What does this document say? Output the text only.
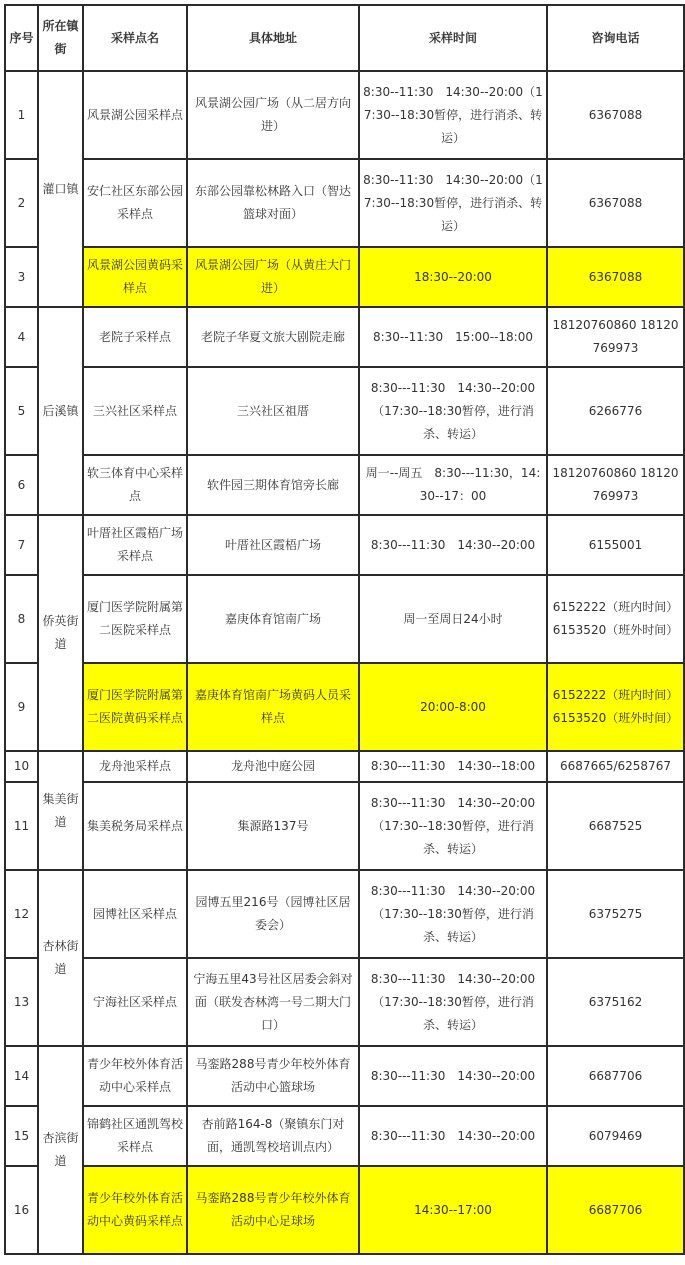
序号	所在镇街	采样点名	具体地址	采样时间	咨询电话
1	灌口镇	风景湖公园采样点	风景湖公园广场（从二居方向进）	8:30--11:30　14:30--20:00（17:30--18:30暂停，进行消杀、转运）	6367088
2		安仁社区东部公园采样点	东部公园靠松林路入口（智达篮球对面）	8:30--11:30　14:30--20:00（17:30--18:30暂停，进行消杀、转运）	6367088
3		风景湖公园黄码采样点	风景湖公园广场（从黄庄大门进）	18:30--20:00	6367088
4	后溪镇	老院子采样点	老院子华夏文旅大剧院走廊	8:30--11:30　15:00--18:00	18120760860 18120769973
5		三兴社区采样点	三兴社区祖厝	8:30---11:30　14:30--20:00（17:30--18:30暂停，进行消杀、转运）	6266776
6		软三体育中心采样点	软件园三期体育馆旁长廊	周一--周五　8:30---11:30，14:30--17：00	18120760860 18120769973
7	侨英街道	叶厝社区霞梧广场采样点	叶厝社区霞梧广场	8:30---11:30　14:30--20:00	6155001
8		厦门医学院附属第二医院采样点	嘉庚体育馆南广场	周一至周日24小时	6152222（班内时间）6153520（班外时间）
9		厦门医学院附属第二医院黄码采样点	嘉庚体育馆南广场黄码人员采样点	20:00-8:00	6152222（班内时间）6153520（班外时间）
10	集美街道	龙舟池采样点	龙舟池中庭公园	8:30---11:30　14:30--18:00	6687665/6258767
11		集美税务局采样点	集源路137号	8:30---11:30　14:30--20:00（17:30--18:30暂停，进行消杀、转运）	6687525
12	杏林街道	园博社区采样点	园博五里216号（园博社区居委会）	8:30---11:30　14:30--20:00（17:30--18:30暂停，进行消杀、转运）	6375275
13		宁海社区采样点	宁海五里43号社区居委会斜对面（联发杏林湾一号二期大门口）	8:30---11:30　14:30--20:00（17:30--18:30暂停，进行消杀、转运）	6375162
14	杏滨街道	青少年校外体育活动中心采样点	马銮路288号青少年校外体育活动中心篮球场	8:30---11:30　14:30--20:00	6687706
15		锦鹤社区通凯驾校采样点	杏前路164-8（聚镇东门对面，通凯驾校培训点内）	8:30---11:30　14:30--20:00	6079469
16		青少年校外体育活动中心黄码采样点	马銮路288号青少年校外体育活动中心足球场	14:30--17:00	6687706
